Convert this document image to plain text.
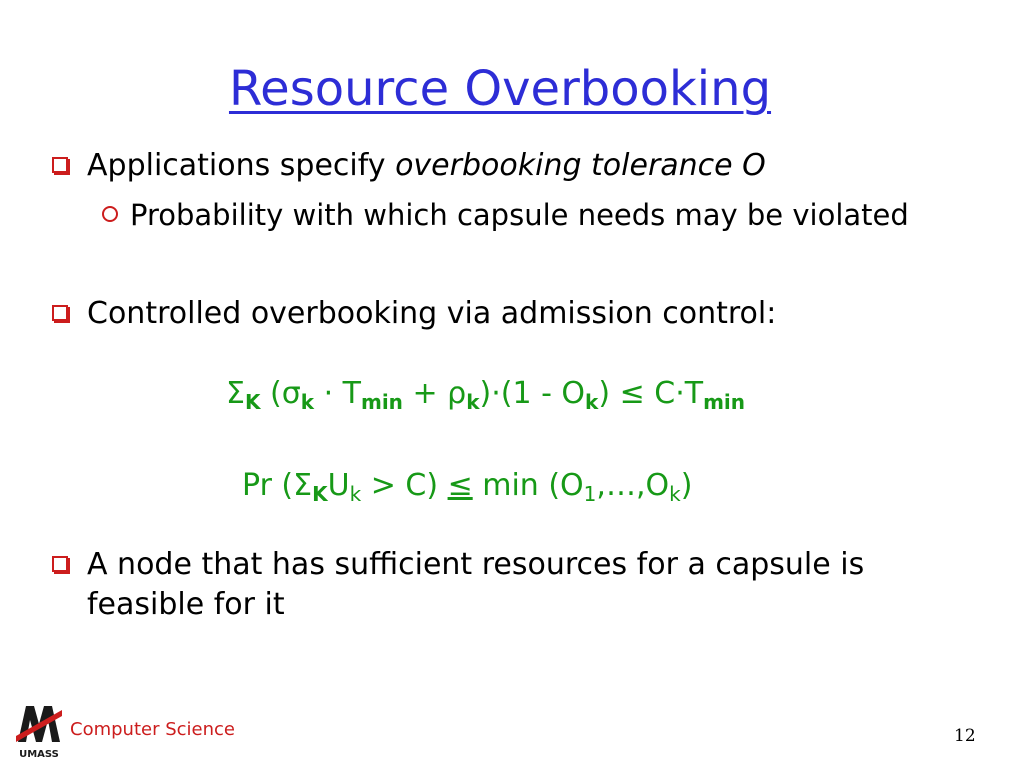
Resource Overbooking
Applications specify overbooking tolerance O
Probability with which capsule needs may be violated
Controlled overbooking via admission control:
$\Sigma_K$ $(\sigma_k \cdot T_{min} + \rho_k)\cdot(1 - O_k) \le C\cdot T_{min}$
Pr $(\Sigma_KU_k > C) \le \min$ $(O_1,\dots,O_k)$
A node that has sufficient resources for a capsule is feasible for it
UMASS
Computer Science	12
